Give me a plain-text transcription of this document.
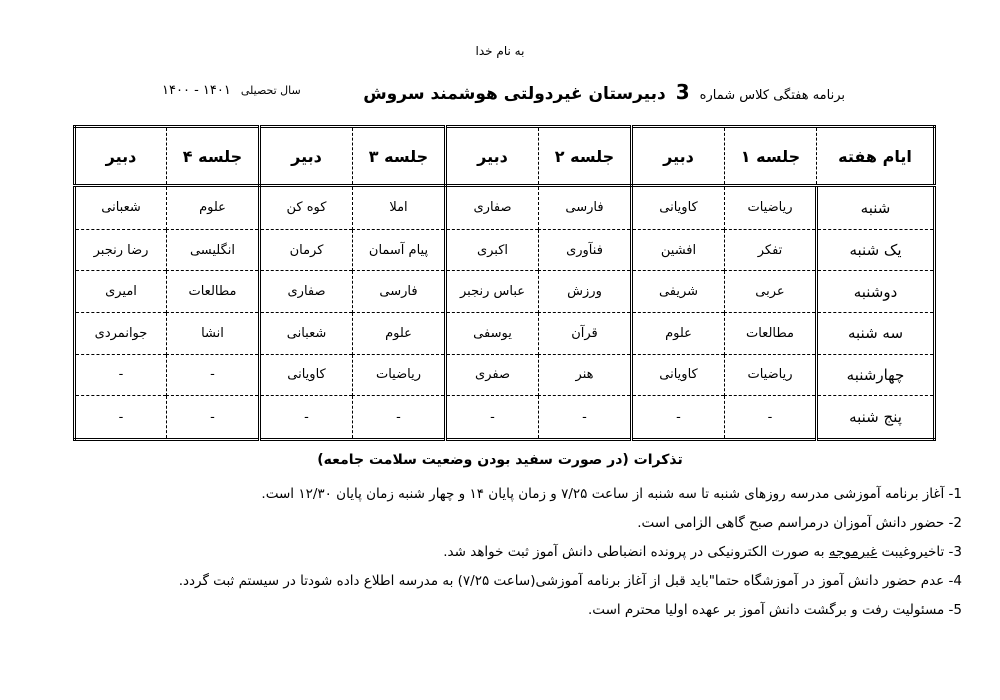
به نام خدا
برنامه هفتگی کلاس شماره
3
دبیرستان غیردولتی هوشمند سروش
سال تحصیلی
۱۴۰۱ - ۱۴۰۰
ایام هفته	جلسه ۱	دبیر	جلسه ۲	دبیر	جلسه ۳	دبیر	جلسه ۴	دبیر
شنبه	ریاضیات	کاویانی	فارسی	صفاری	املا	کوه کن	علوم	شعبانی
یک شنبه	تفکر	افشین	فنآوری	اکبری	پیام آسمان	کرمان	انگلیسی	رضا رنجبر
دوشنبه	عربی	شریفی	ورزش	عباس رنجبر	فارسی	صفاری	مطالعات	امیری
سه شنبه	مطالعات	علوم	قرآن	یوسفی	علوم	شعبانی	انشا	جوانمردی
چهارشنبه	ریاضیات	کاویانی	هنر	صفری	ریاضیات	کاویانی	-	-
پنج شنبه	-	-	-	-	-	-	-	-
تذکرات (در صورت سفید بودن وضعیت سلامت جامعه)
1- آغاز برنامه آموزشی مدرسه روزهای شنبه تا سه شنبه از ساعت ۷/۲۵ و زمان پایان ۱۴ و چهار شنبه زمان پایان ۱۲/۳۰ است.
2- حضور دانش آموزان درمراسم صبح گاهی الزامی است.
3- تاخیروغیبت غیرموجه به صورت الکترونیکی در پرونده انضباطی دانش آموز ثبت خواهد شد.
4- عدم حضور دانش آموز در آموزشگاه حتما"باید قبل از آغاز برنامه آموزشی(ساعت ۷/۲۵) به مدرسه اطلاع داده شودتا در سیستم ثبت گردد.
5- مسئولیت رفت و برگشت دانش آموز بر عهده اولیا محترم است.
